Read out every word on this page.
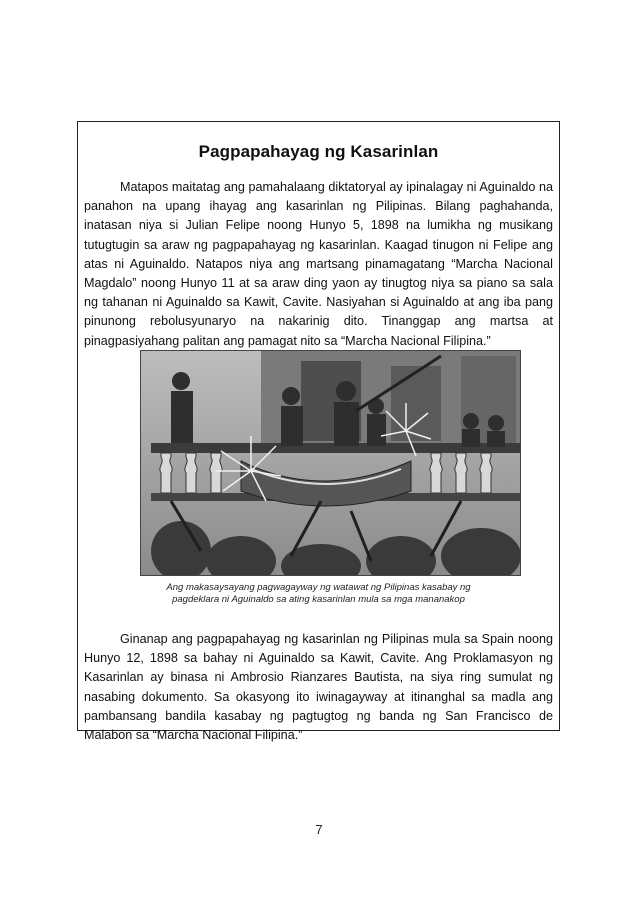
Pagpapahayag ng Kasarinlan

Matapos maitatag ang pamahalaang diktatoryal ay ipinalagay ni Aguinaldo na panahon na upang ihayag ang kasarinlan ng Pilipinas. Bilang paghahanda, inatasan niya si Julian Felipe noong Hunyo 5, 1898 na lumikha ng musikang tutugtugin sa araw ng pagpapahayag ng kasarinlan. Kaagad tinugon ni Felipe ang atas ni Aguinaldo. Natapos niya ang martsang pinamagatang “Marcha Nacional Magdalo” noong Hunyo 11 at sa araw ding yaon ay tinugtog niya sa piano sa sala ng tahanan ni Aguinaldo sa Kawit, Cavite. Nasiyahan si Aguinaldo at ang iba pang pinunong rebolusyunaryo na nakarinig dito. Tinanggap ang martsa at pinagpasiyahang palitan ang pamagat nito sa “Marcha Nacional Filipina.”

Ang makasaysayang pagwagayway ng watawat ng Pilipinas kasabay ng
pagdeklara ni Aguinaldo sa ating kasarinlan mula sa mga mananakop

Ginanap ang pagpapahayag ng kasarinlan ng Pilipinas mula sa Spain noong Hunyo 12, 1898 sa bahay ni Aguinaldo sa Kawit, Cavite. Ang Proklamasyon ng Kasarinlan ay binasa ni Ambrosio Rianzares Bautista, na siya ring sumulat ng nasabing dokumento. Sa okasyong ito iwinagayway at itinanghal sa madla ang pambansang bandila kasabay ng pagtugtog ng banda ng San Francisco de Malabon sa “Marcha Nacional Filipina.”

7
